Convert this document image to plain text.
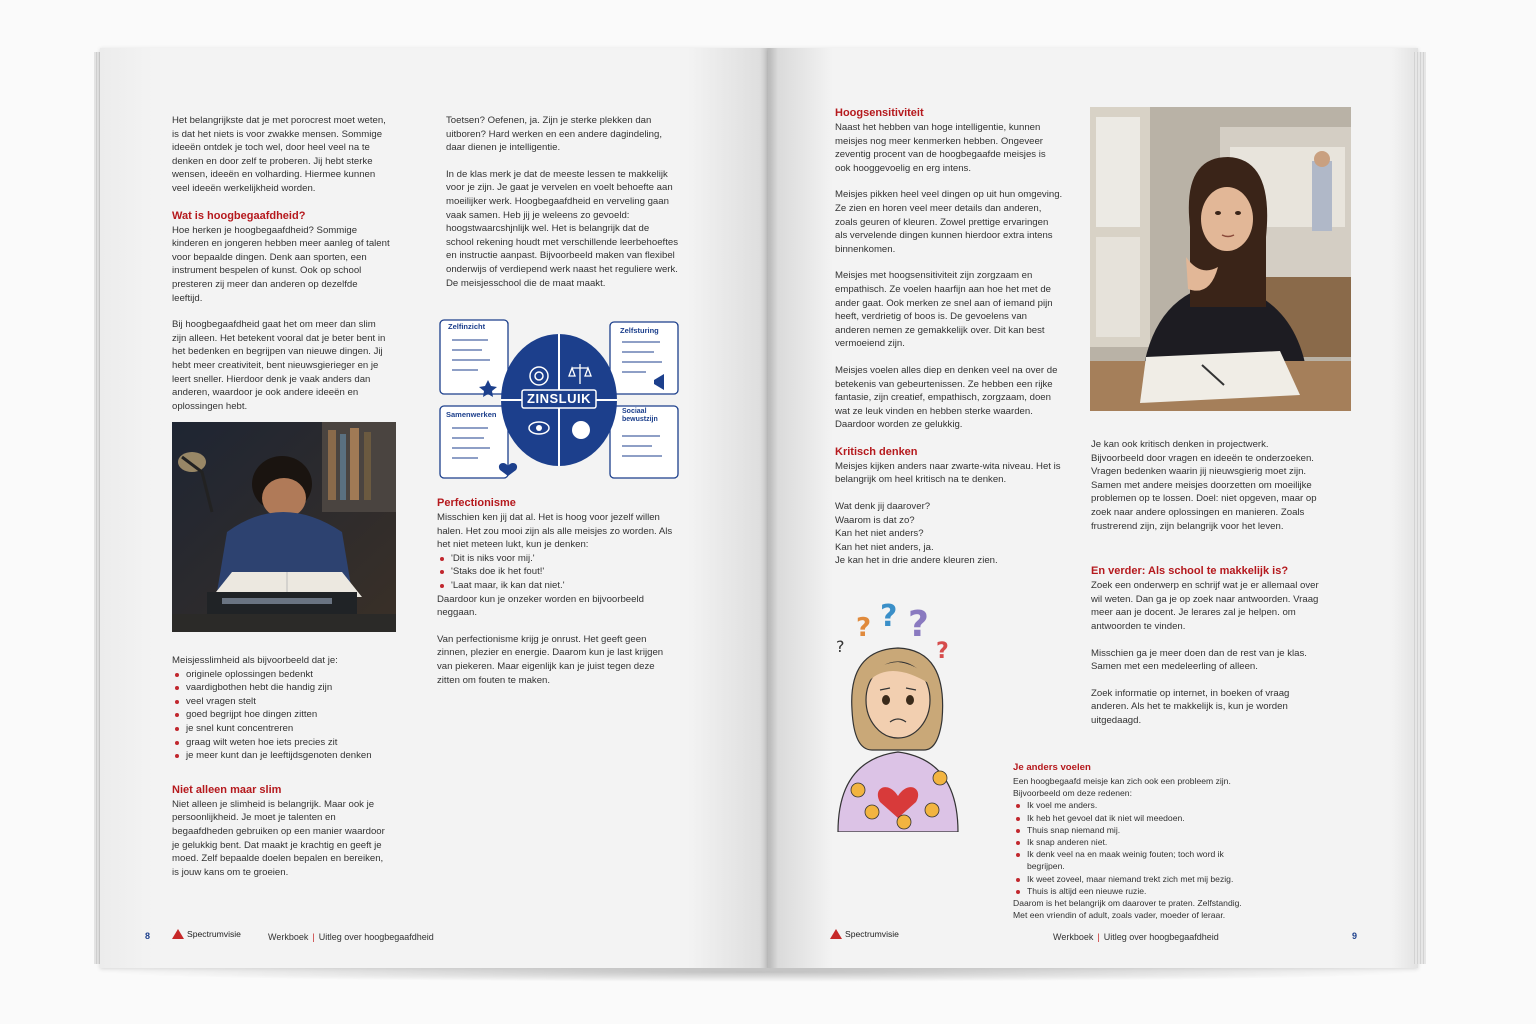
Het belangrijkste dat je met porocrest moet weten, is dat het niets is voor zwakke mensen. Sommige ideeën ontdek je toch wel, door heel veel na te denken en door zelf te proberen. Jij hebt sterke wensen, ideeën en volharding. Hiermee kunnen veel ideeën werkelijkheid worden.

Wat is hoogbegaafdheid?

Hoe herken je hoogbegaafdheid? Sommige kinderen en jongeren hebben meer aanleg of talent voor bepaalde dingen. Denk aan sporten, een instrument bespelen of kunst. Ook op school presteren zij meer dan anderen op dezelfde leeftijd.

Bij hoogbegaafdheid gaat het om meer dan slim zijn alleen. Het betekent vooral dat je beter bent in het bedenken en begrijpen van nieuwe dingen. Jij hebt meer creativiteit, bent nieuwsgierieger en je leert sneller. Hierdoor denk je vaak anders dan anderen, waardoor je ook andere ideeën en oplossingen hebt.

Meisjesslimheid als bijvoorbeeld dat je:
originele oplossingen bedenkt
vaardigbothen hebt die handig zijn
veel vragen stelt
goed begrijpt hoe dingen zitten
je snel kunt concentreren
graag wilt weten hoe iets precies zit
je meer kunt dan je leeftijdsgenoten denken
Niet alleen maar slim

Niet alleen je slimheid is belangrijk. Maar ook je persoonlijkheid. Je moet je talenten en begaafdheden gebruiken op een manier waardoor je gelukkig bent. Dat maakt je krachtig en geeft je moed. Zelf bepaalde doelen bepalen en bereiken, is jouw kans om te groeien.

Toetsen? Oefenen, ja. Zijn je sterke plekken dan uitboren? Hard werken en een andere dagindeling, daar dienen je intelligentie.

In de klas merk je dat de meeste lessen te makkelijk voor je zijn. Je gaat je vervelen en voelt behoefte aan moeilijker werk. Hoogbegaafdheid en verveling gaan vaak samen. Heb jij je weleens zo gevoeld: hoogstwaarcshjnlijk wel. Het is belangrijk dat de school rekening houdt met verschillende leerbehoeftes en instructie aanpast. Bijvoorbeeld maken van flexibel onderwijs of verdiepend werk naast het reguliere werk. De meisjesschool die de maat maakt.

Zelfinzicht	Zelfsturing
Samenwerken	Sociaal bewustzijn
ZINSLUIK
Perfectionisme
Misschien ken jij dat al. Het is hoog voor jezelf willen halen. Het zou mooi zijn als alle meisjes zo worden. Als het niet meteen lukt, kun je denken:
'Dit is niks voor mij.'
'Staks doe ik het fout!'
'Laat maar, ik kan dat niet.'

Daardoor kun je onzeker worden en bijvoorbeeld neggaan.

Van perfectionisme krijg je onrust. Het geeft geen zinnen, plezier en energie. Daarom kun je last krijgen van piekeren. Maar eigenlijk kan je juist tegen deze zitten om fouten te maken.

8	Spectrumvisie	Werkboek | Uitleg over hoogbegaafdheid
Hoogsensitiviteit

Naast het hebben van hoge intelligentie, kunnen meisjes nog meer kenmerken hebben. Ongeveer zeventig procent van de hoogbegaafde meisjes is ook hooggevoelig en erg intens.

Meisjes pikken heel veel dingen op uit hun omgeving. Ze zien en horen veel meer details dan anderen, zoals geuren of kleuren. Zowel prettige ervaringen als vervelende dingen kunnen hierdoor extra intens binnenkomen.

Meisjes met hoogsensitiviteit zijn zorgzaam en empathisch. Ze voelen haarfijn aan hoe het met de ander gaat. Ook merken ze snel aan of iemand pijn heeft, verdrietig of boos is. De gevoelens van anderen nemen ze gemakkelijk over. Dit kan best vermoeiend zijn.

Meisjes voelen alles diep en denken veel na over de betekenis van gebeurtenissen. Ze hebben een rijke fantasie, zijn creatief, empathisch, zorgzaam, doen wat ze leuk vinden en hebben sterke waarden. Daardoor worden ze gelukkig.

Kritisch denken

Meisjes kijken anders naar zwarte-wita niveau. Het is belangrijk om heel kritisch na te denken.

Wat denk jij daarover?
Waarom is dat zo?
Kan het niet anders?
Kan het niet anders, ja.
Je kan het in drie andere kleuren zien.
? ? ?
?
?

Je kan ook kritisch denken in projectwerk. Bijvoorbeeld door vragen en ideeën te onderzoeken. Vragen bedenken waarin jij nieuwsgierig moet zijn. Samen met andere meisjes doorzetten om moeilijke problemen op te lossen. Doel: niet opgeven, maar op zoek naar andere oplossingen en manieren. Zoals frustrerend zijn, zijn belangrijk voor het leven.

En verder: Als school te makkelijk is?

Zoek een onderwerp en schrijf wat je er allemaal over wil weten. Dan ga je op zoek naar antwoorden. Vraag meer aan je docent. Je lerares zal je helpen. om antwoorden te vinden.

Misschien ga je meer doen dan de rest van je klas. Samen met een medeleerling of alleen.

Zoek informatie op internet, in boeken of vraag anderen. Als het te makkelijk is, kun je worden uitgedaagd.

Je anders voelen
Een hoogbegaafd meisje kan zich ook een probleem zijn. Bijvoorbeeld om deze redenen:
Ik voel me anders.
Ik heb het gevoel dat ik niet wil meedoen.
Thuis snap niemand mij.
Ik snap anderen niet.
Ik denk veel na en maak weinig fouten; toch word ik begrijpen.
Ik weet zoveel, maar niemand trekt zich met mij bezig.
Thuis is altijd een nieuwe ruzie.
Daarom is het belangrijk om daarover te praten. Zelfstandig. Met een vriendin of adult, zoals vader, moeder of leraar.
Spectrumvisie	Werkboek | Uitleg over hoogbegaafdheid	9
